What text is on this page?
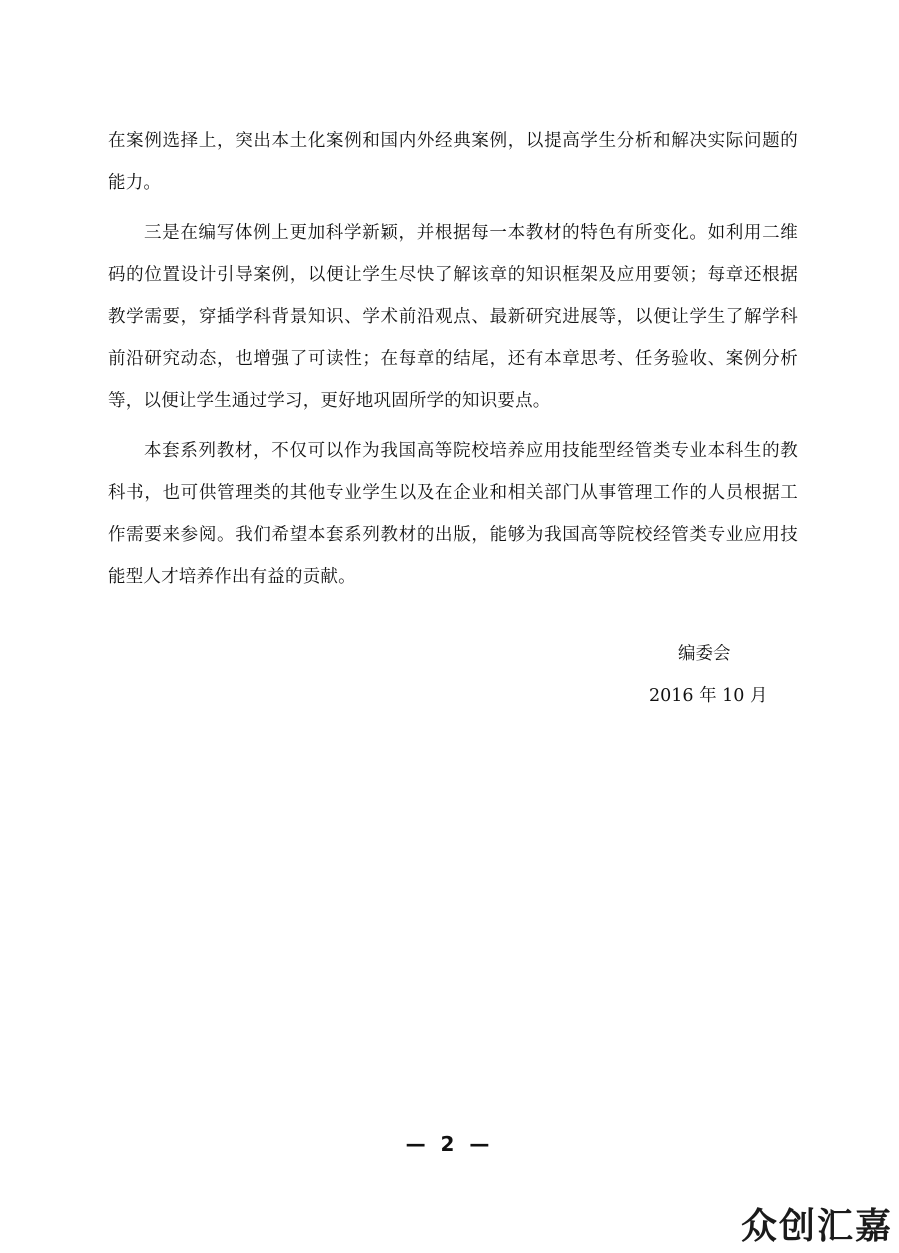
在案例选择上，突出本土化案例和国内外经典案例，以提高学生分析和解决实际问题的能力。

三是在编写体例上更加科学新颖，并根据每一本教材的特色有所变化。如利用二维码的位置设计引导案例，以便让学生尽快了解该章的知识框架及应用要领；每章还根据教学需要，穿插学科背景知识、学术前沿观点、最新研究进展等，以便让学生了解学科前沿研究动态，也增强了可读性；在每章的结尾，还有本章思考、任务验收、案例分析等，以便让学生通过学习，更好地巩固所学的知识要点。

本套系列教材，不仅可以作为我国高等院校培养应用技能型经管类专业本科生的教科书，也可供管理类的其他专业学生以及在企业和相关部门从事管理工作的人员根据工作需要来参阅。我们希望本套系列教材的出版，能够为我国高等院校经管类专业应用技能型人才培养作出有益的贡献。

编委会
2016 年 10 月
— 2 —
众创汇嘉
